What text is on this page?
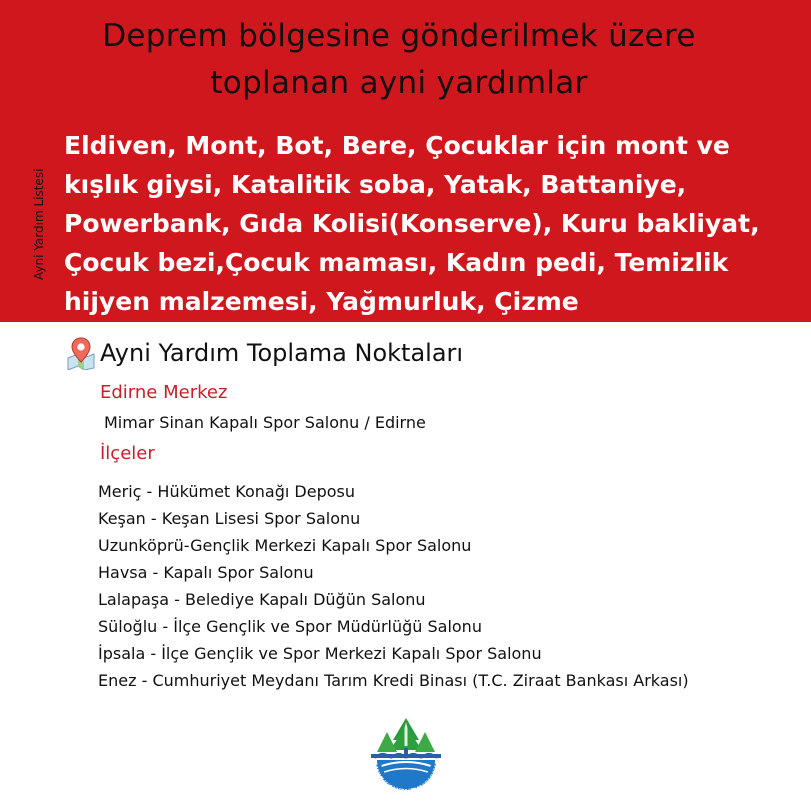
Deprem bölgesine gönderilmek üzere
toplanan ayni yardımlar
Ayni Yardım Listesi
Eldiven, Mont, Bot, Bere, Çocuklar için mont ve kışlık giysi, Katalitik soba, Yatak, Battaniye, Powerbank, Gıda Kolisi(Konserve), Kuru bakliyat, Çocuk bezi,Çocuk maması, Kadın pedi, Temizlik hijyen malzemesi, Yağmurluk, Çizme
Ayni Yardım Toplama Noktaları
Edirne Merkez
Mimar Sinan Kapalı Spor Salonu / Edirne
İlçeler
Meriç - Hükümet Konağı Deposu
Keşan - Keşan Lisesi Spor Salonu
Uzunköprü-Gençlik Merkezi Kapalı Spor Salonu
Havsa - Kapalı Spor Salonu
Lalapaşa - Belediye Kapalı Düğün Salonu
Süloğlu - İlçe Gençlik ve Spor Müdürlüğü Salonu
İpsala - İlçe Gençlik ve Spor Merkezi Kapalı Spor Salonu
Enez - Cumhuriyet Meydanı Tarım Kredi Binası (T.C. Ziraat Bankası Arkası)
T.C. EDİRNE VALİLİĞİ
